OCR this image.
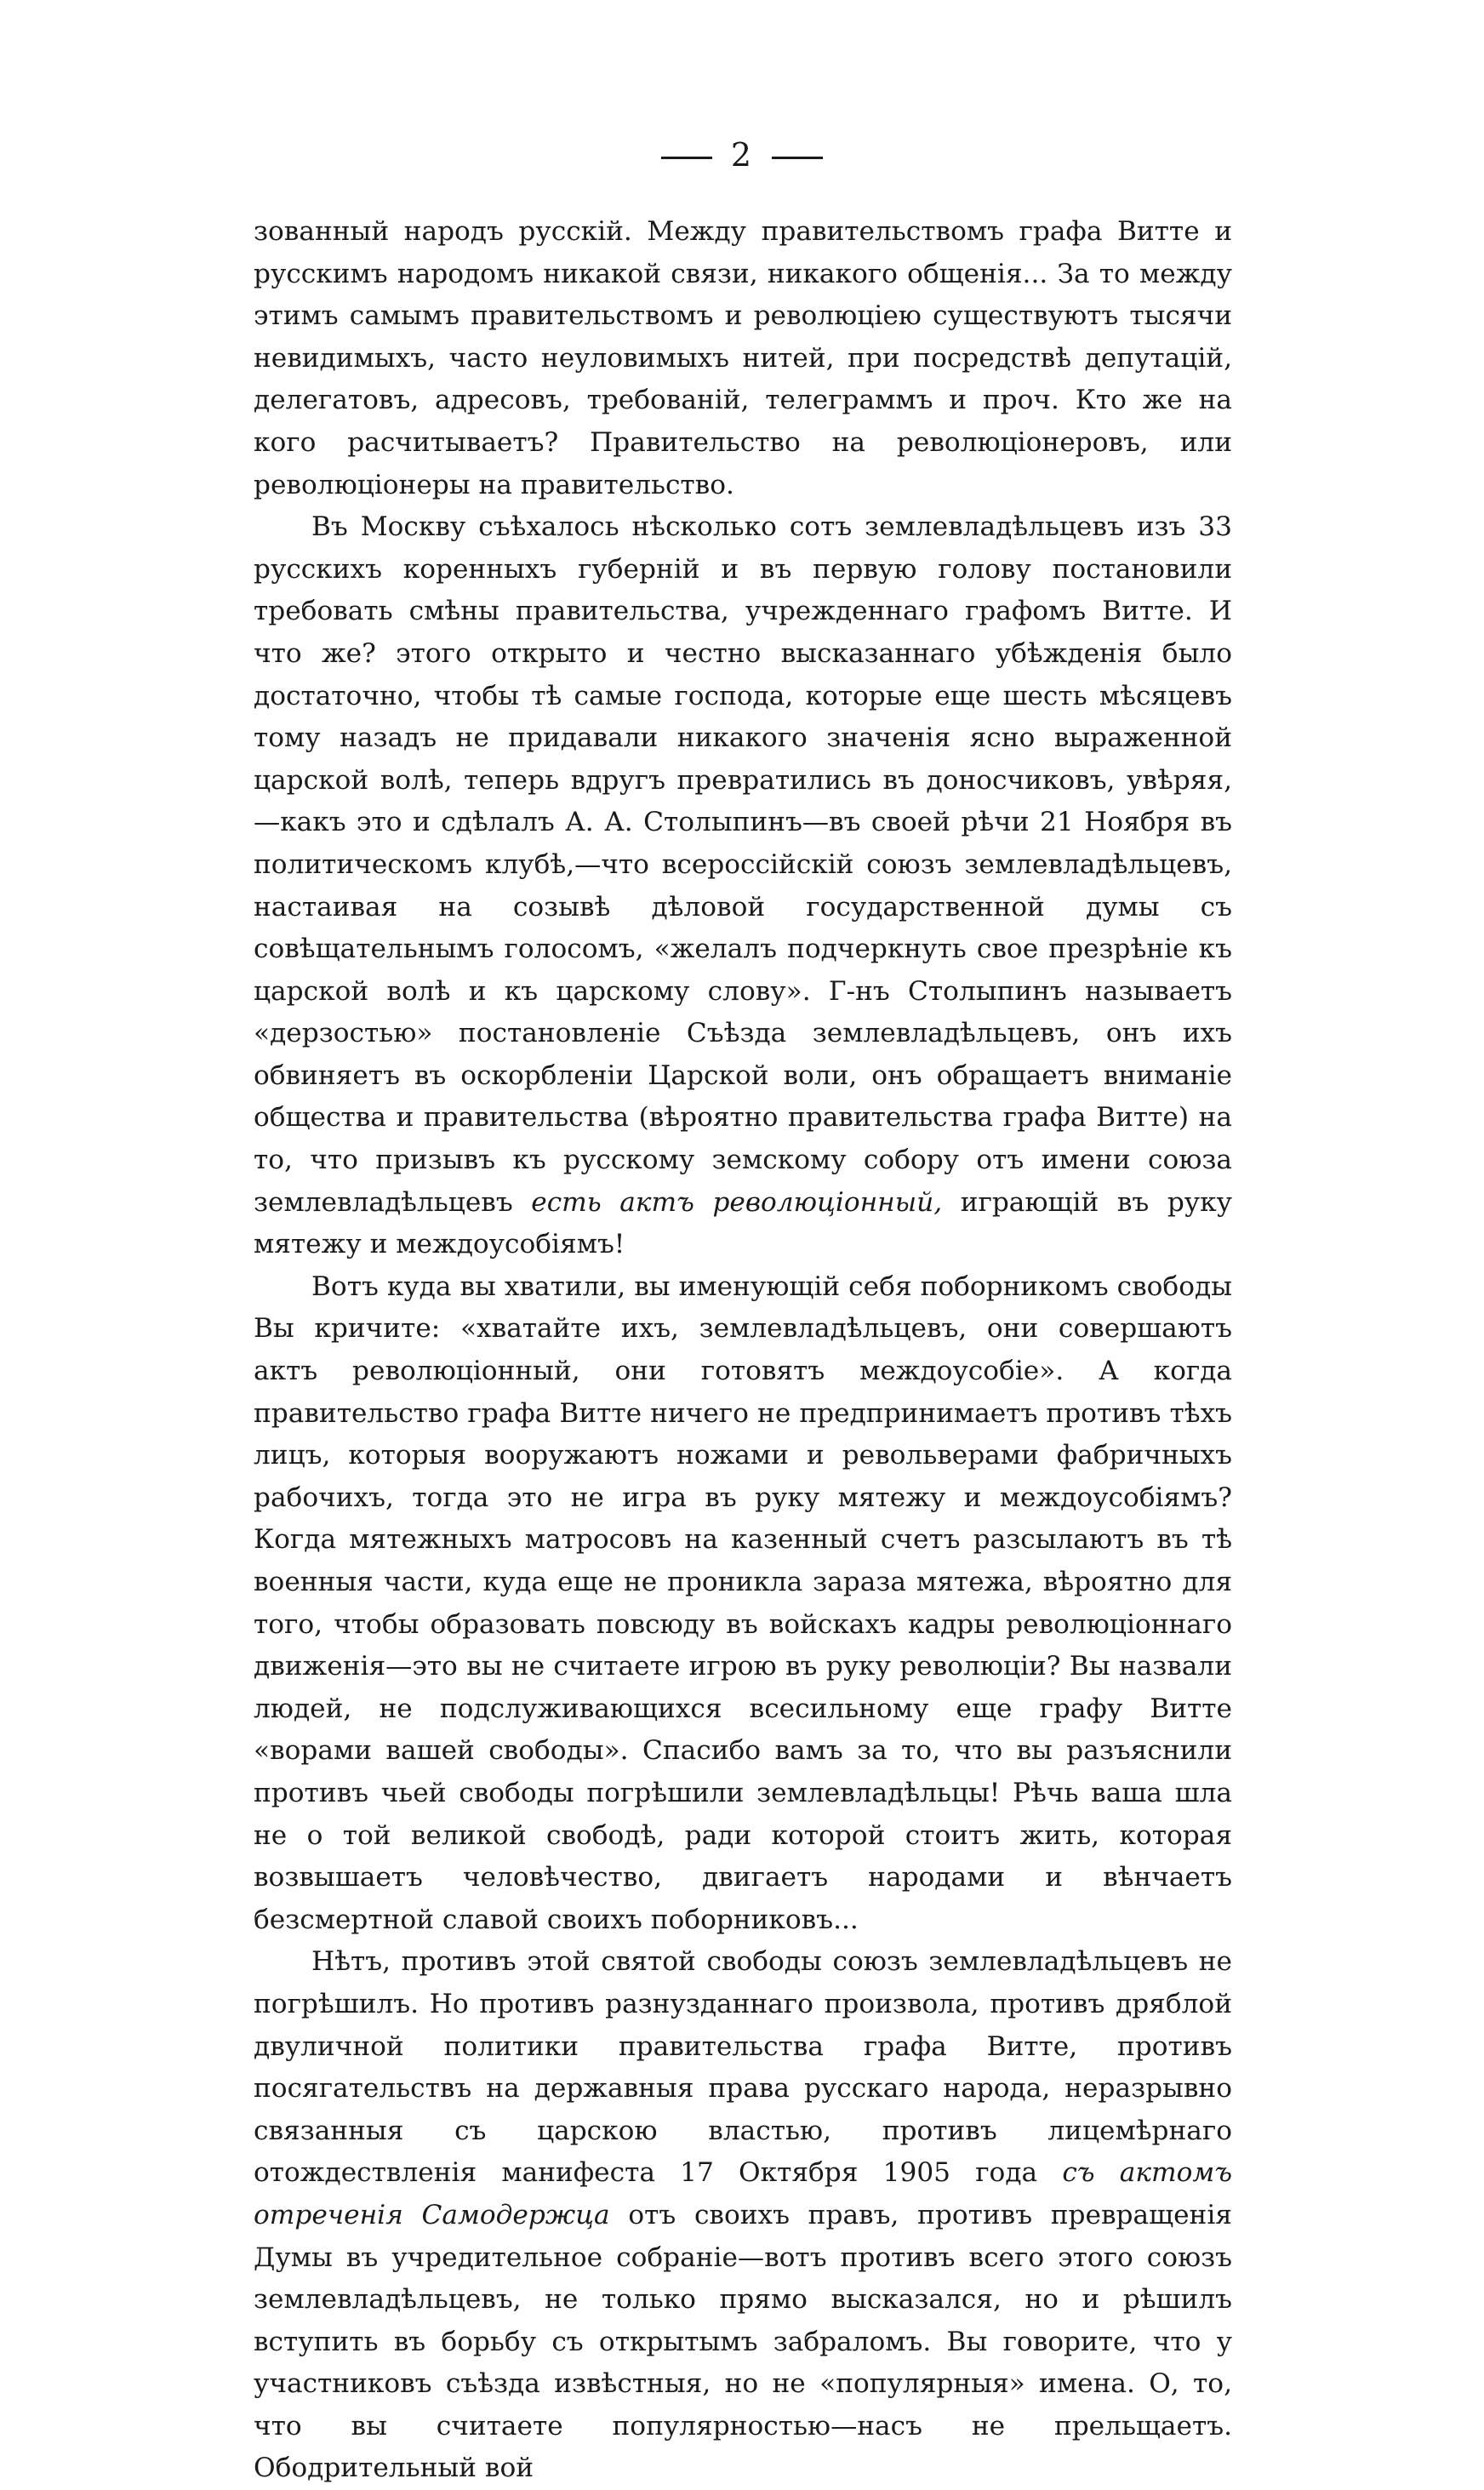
2

зованный народъ русскій. Между правительствомъ графа Витте и русскимъ народомъ никакой связи, никакого общенія... За то между этимъ самымъ правительствомъ и революціею существуютъ тысячи невидимыхъ, часто неуловимыхъ нитей, при посредствѣ депутацій, делегатовъ, адресовъ, требованій, телеграммъ и проч. Кто же на кого расчитываетъ? Правительство на революціонеровъ, или революціонеры на правительство.

Въ Москву съѣхалось нѣсколько сотъ землевладѣльцевъ изъ 33 русскихъ коренныхъ губерній и въ первую голову постановили требовать смѣны правительства, учрежденнаго графомъ Витте. И что же? этого открыто и честно высказаннаго убѣжденія было достаточно, чтобы тѣ самые господа, которые еще шесть мѣсяцевъ тому назадъ не придавали никакого значенія ясно выраженной царской волѣ, теперь вдругъ превратились въ доносчиковъ, увѣряя,—какъ это и сдѣлалъ А. А. Столыпинъ—въ своей рѣчи 21 Ноября въ политическомъ клубѣ,—что всероссійскій союзъ землевладѣльцевъ, настаивая на созывѣ дѣловой государственной думы съ совѣщательнымъ голосомъ, «желалъ подчеркнуть свое презрѣніе къ царской волѣ и къ царскому слову». Г-нъ Столыпинъ называетъ «дерзостью» постановленіе Съѣзда землевладѣльцевъ, онъ ихъ обвиняетъ въ оскорбленіи Царской воли, онъ обращаетъ вниманіе общества и правительства (вѣроятно правительства графа Витте) на то, что призывъ къ русскому земскому собору отъ имени союза землевладѣльцевъ есть актъ революціонный, играющій въ руку мятежу и междоусобіямъ!

Вотъ куда вы хватили, вы именующій себя поборникомъ свободы Вы кричите: «хватайте ихъ, землевладѣльцевъ, они совершаютъ актъ революціонный, они готовятъ междоусобіе». А когда правительство графа Витте ничего не предпринимаетъ противъ тѣхъ лицъ, которыя вооружаютъ ножами и револьверами фабричныхъ рабочихъ, тогда это не игра въ руку мятежу и междоусобіямъ? Когда мятежныхъ матросовъ на казенный счетъ разсылаютъ въ тѣ военныя части, куда еще не проникла зараза мятежа, вѣроятно для того, чтобы образовать повсюду въ войскахъ кадры революціоннаго движенія—это вы не считаете игрою въ руку революціи? Вы назвали людей, не подслуживающихся всесильному еще графу Витте «ворами вашей свободы». Спасибо вамъ за то, что вы разъяснили противъ чьей свободы погрѣшили землевладѣльцы! Рѣчь ваша шла не о той великой свободѣ, ради которой стоитъ жить, которая возвышаетъ человѣчество, двигаетъ народами и вѣнчаетъ безсмертной славой своихъ поборниковъ...

Нѣтъ, противъ этой святой свободы союзъ землевладѣльцевъ не погрѣшилъ. Но противъ разнузданнаго произвола, противъ дряблой двуличной политики правительства графа Витте, противъ посягательствъ на державныя права русскаго народа, неразрывно связанныя съ царскою властью, противъ лицемѣрнаго отождествленія манифеста 17 Октября 1905 года съ актомъ отреченія Самодержца отъ своихъ правъ, противъ превращенія Думы въ учредительное собраніе—вотъ противъ всего этого союзъ землевладѣльцевъ, не только прямо высказался, но и рѣшилъ вступить въ борьбу съ открытымъ забраломъ. Вы говорите, что у участниковъ съѣзда извѣстныя, но не «популярныя» имена. О, то, что вы считаете популярностью—насъ не прельщаетъ. Ободрительный вой
